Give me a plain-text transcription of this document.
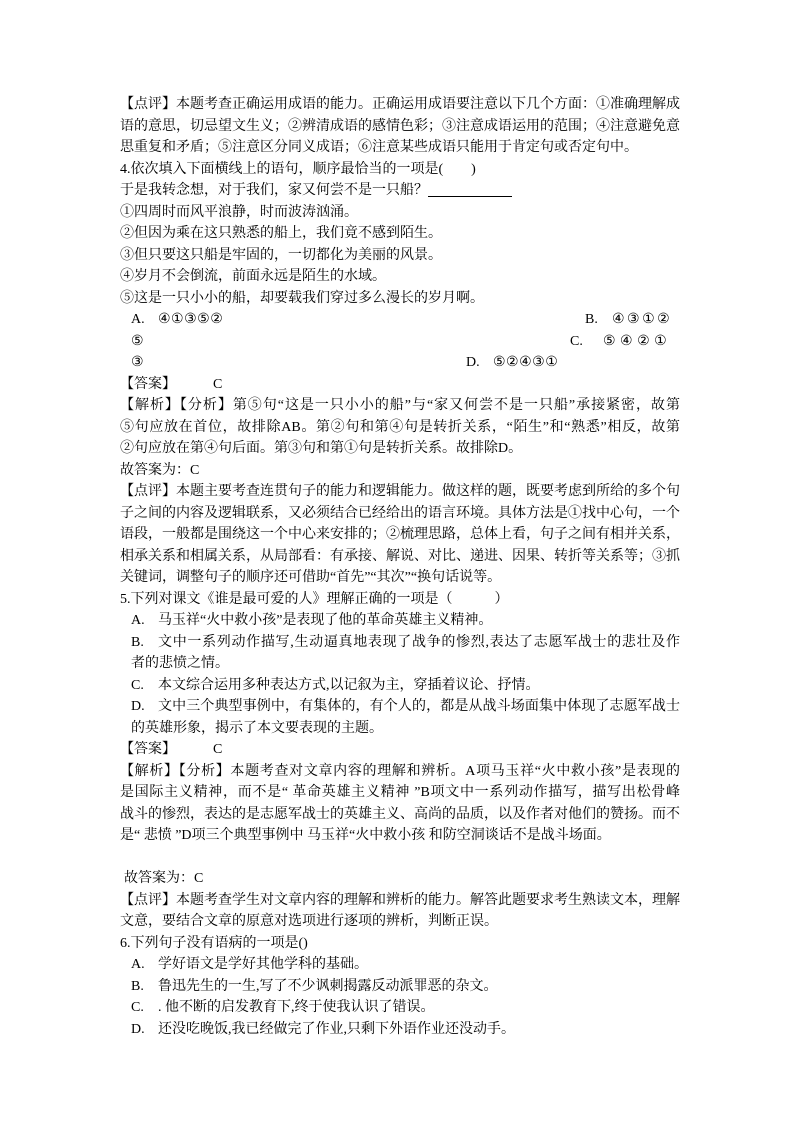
【点评】本题考查正确运用成语的能力。正确运用成语要注意以下几个方面：①准确理解成
语的意思，切忌望文生义；②辨清成语的感情色彩；③注意成语运用的范围；④注意避免意
思重复和矛盾；⑤注意区分同义成语；⑥注意某些成语只能用于肯定句或否定句中。
4.依次填入下面横线上的语句，顺序最恰当的一项是(　　)
于是我转念想，对于我们，家又何尝不是一只船？
①四周时而风平浪静，时而波涛汹涌。
②但因为乘在这只熟悉的船上，我们竟不感到陌生。
③但只要这只船是牢固的，一切都化为美丽的风景。
④岁月不会倒流，前面永远是陌生的水域。
⑤这是一只小小的船，却要载我们穿过多么漫长的岁月啊。
A. ④①③⑤②	B. ④③①②
⑤	C. ⑤④②①
③	D. ⑤②④③①
【答案】	C
【解析】【分析】第⑤句“这是一只小小的船”与“家又何尝不是一只船”承接紧密，故第
⑤句应放在首位，故排除AB。第②句和第④句是转折关系，“陌生”和“熟悉”相反，故第
②句应放在第④句后面。第③句和第①句是转折关系。故排除D。
故答案为：C
【点评】本题主要考查连贯句子的能力和逻辑能力。做这样的题，既要考虑到所给的多个句
子之间的内容及逻辑联系，又必须结合已经给出的语言环境。具体方法是①找中心句，一个
语段，一般都是围绕这一个中心来安排的；②梳理思路，总体上看，句子之间有相并关系，
相承关系和相属关系，从局部看：有承接、解说、对比、递进、因果、转折等关系等；③抓
关键词，调整句子的顺序还可借助“首先”“其次”“换句话说等。
5.下列对课文《谁是最可爱的人》理解正确的一项是（　　　）
A. 马玉祥“火中救小孩”是表现了他的革命英雄主义精神。
B.	文中一系列动作描写,生动逼真地表现了战争的惨烈,表达了志愿军战士的悲壮及作
者的悲愤之情。
C.	本文综合运用多种表达方式,以记叙为主，穿插着议论、抒情。
D. 文中三个典型事例中，有集体的，有个人的，都是从战斗场面集中体现了志愿军战士
的英雄形象，揭示了本文要表现的主题。
【答案】	C
【解析】【分析】本题考查对文章内容的理解和辨析。A项马玉祥“火中救小孩”是表现的
是国际主义精神，而不是“ 革命英雄主义精神 ”B项文中一系列动作描写，描写出松骨峰
战斗的惨烈，表达的是志愿军战士的英雄主义、高尚的品质，以及作者对他们的赞扬。而不
是“ 悲愤 ”D项三个典型事例中 马玉祥“火中救小孩 和防空洞谈话不是战斗场面。
故答案为：C
【点评】本题考查学生对文章内容的理解和辨析的能力。解答此题要求考生熟读文本，理解
文意，要结合文章的原意对选项进行逐项的辨析，判断正误。
6.下列句子没有语病的一项是()
A. 学好语文是学好其他学科的基础。
B.	鲁迅先生的一生,写了不少讽刺揭露反动派罪恶的杂文。
C.	. 他不断的启发教育下,终于使我认识了错误。
D. 还没吃晚饭,我已经做完了作业,只剩下外语作业还没动手。
